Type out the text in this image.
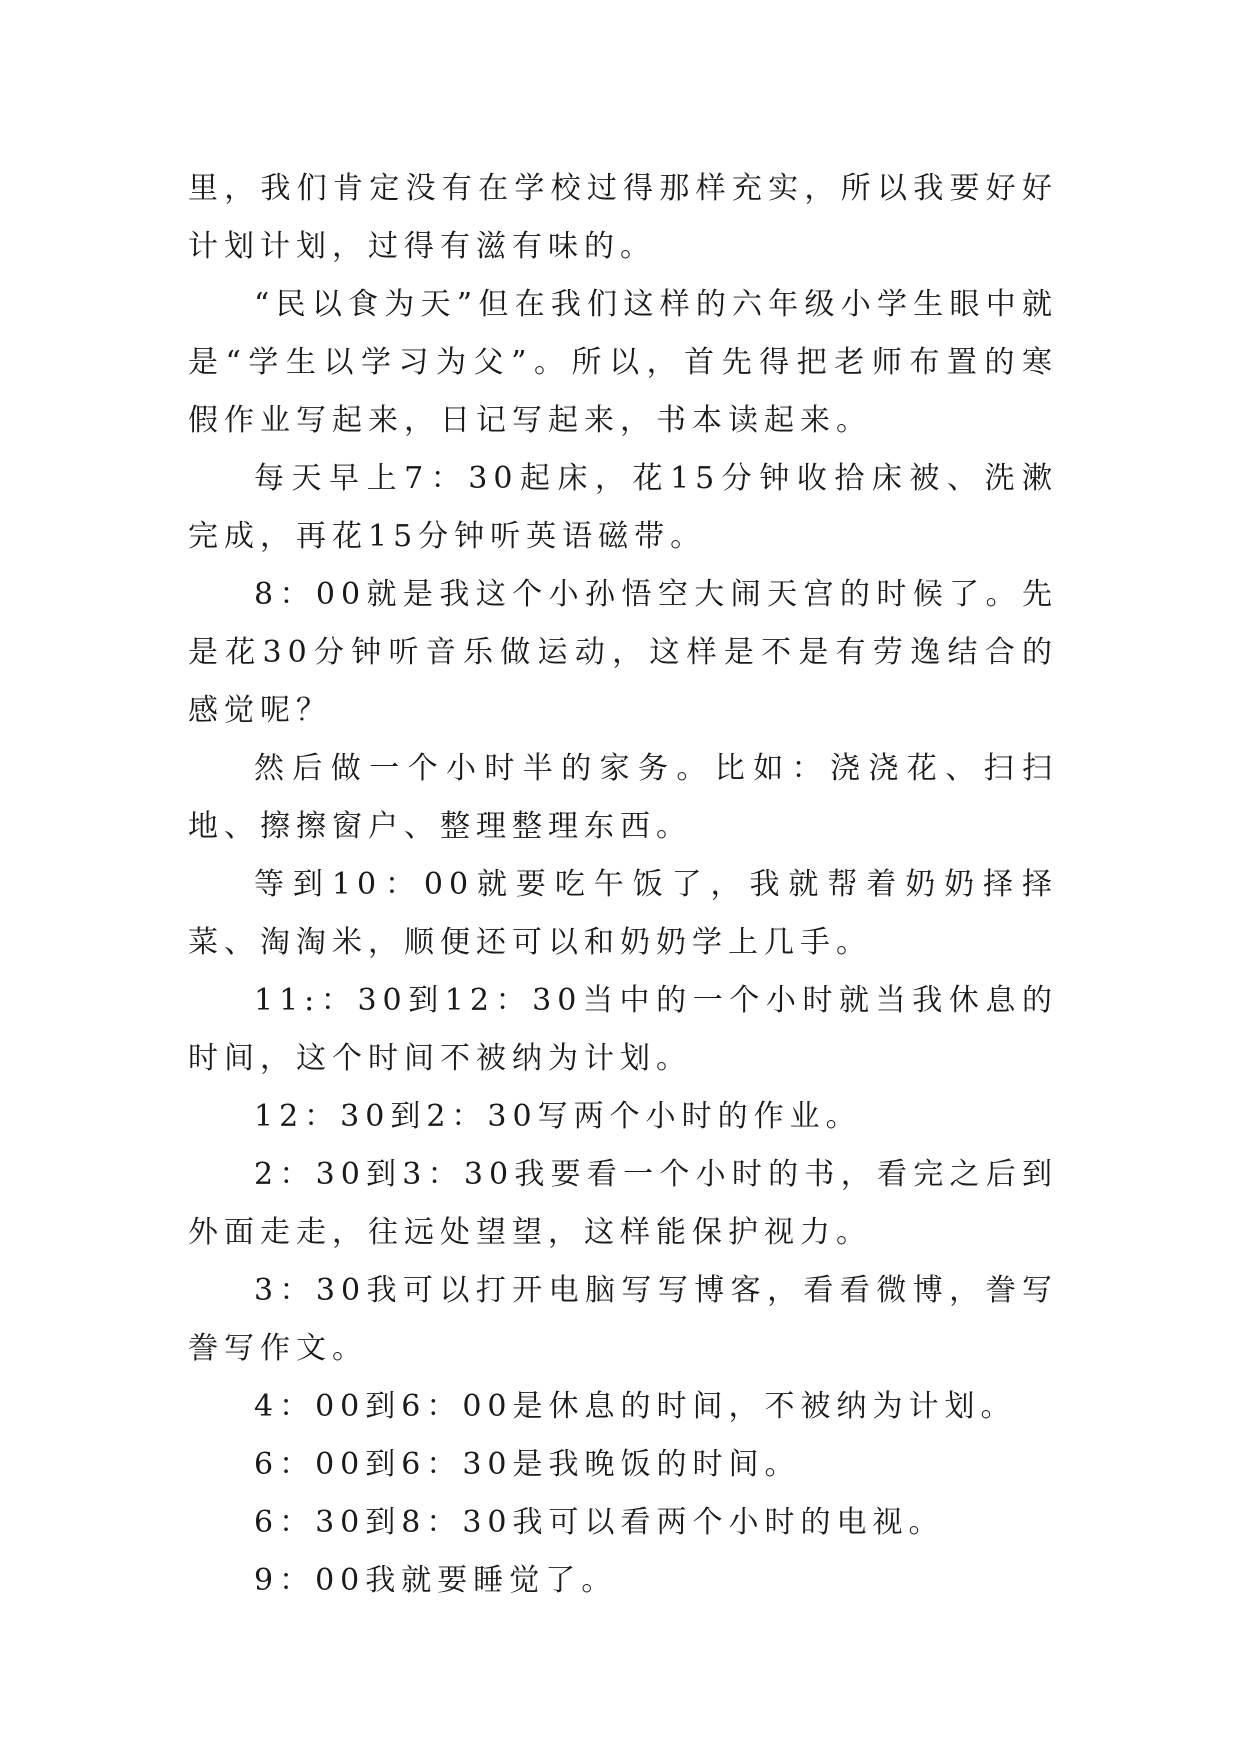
里，我们肯定没有在学校过得那样充实，所以我要好好计划计划，过得有滋有味的。

“民以食为天”但在我们这样的六年级小学生眼中就是“学生以学习为父”。所以，首先得把老师布置的寒假作业写起来，日记写起来，书本读起来。

每天早上7：30起床，花15分钟收拾床被、洗漱完成，再花15分钟听英语磁带。

8：00就是我这个小孙悟空大闹天宫的时候了。先是花30分钟听音乐做运动，这样是不是有劳逸结合的感觉呢？

然后做一个小时半的家务。比如：浇浇花、扫扫地、擦擦窗户、整理整理东西。

等到10：00就要吃午饭了，我就帮着奶奶择择菜、淘淘米，顺便还可以和奶奶学上几手。

11:：30到12：30当中的一个小时就当我休息的时间，这个时间不被纳为计划。

12：30到2：30写两个小时的作业。

2：30到3：30我要看一个小时的书，看完之后到外面走走，往远处望望，这样能保护视力。

3：30我可以打开电脑写写博客，看看微博，誊写誊写作文。

4：00到6：00是休息的时间，不被纳为计划。

6：00到6：30是我晚饭的时间。

6：30到8：30我可以看两个小时的电视。

9：00我就要睡觉了。
